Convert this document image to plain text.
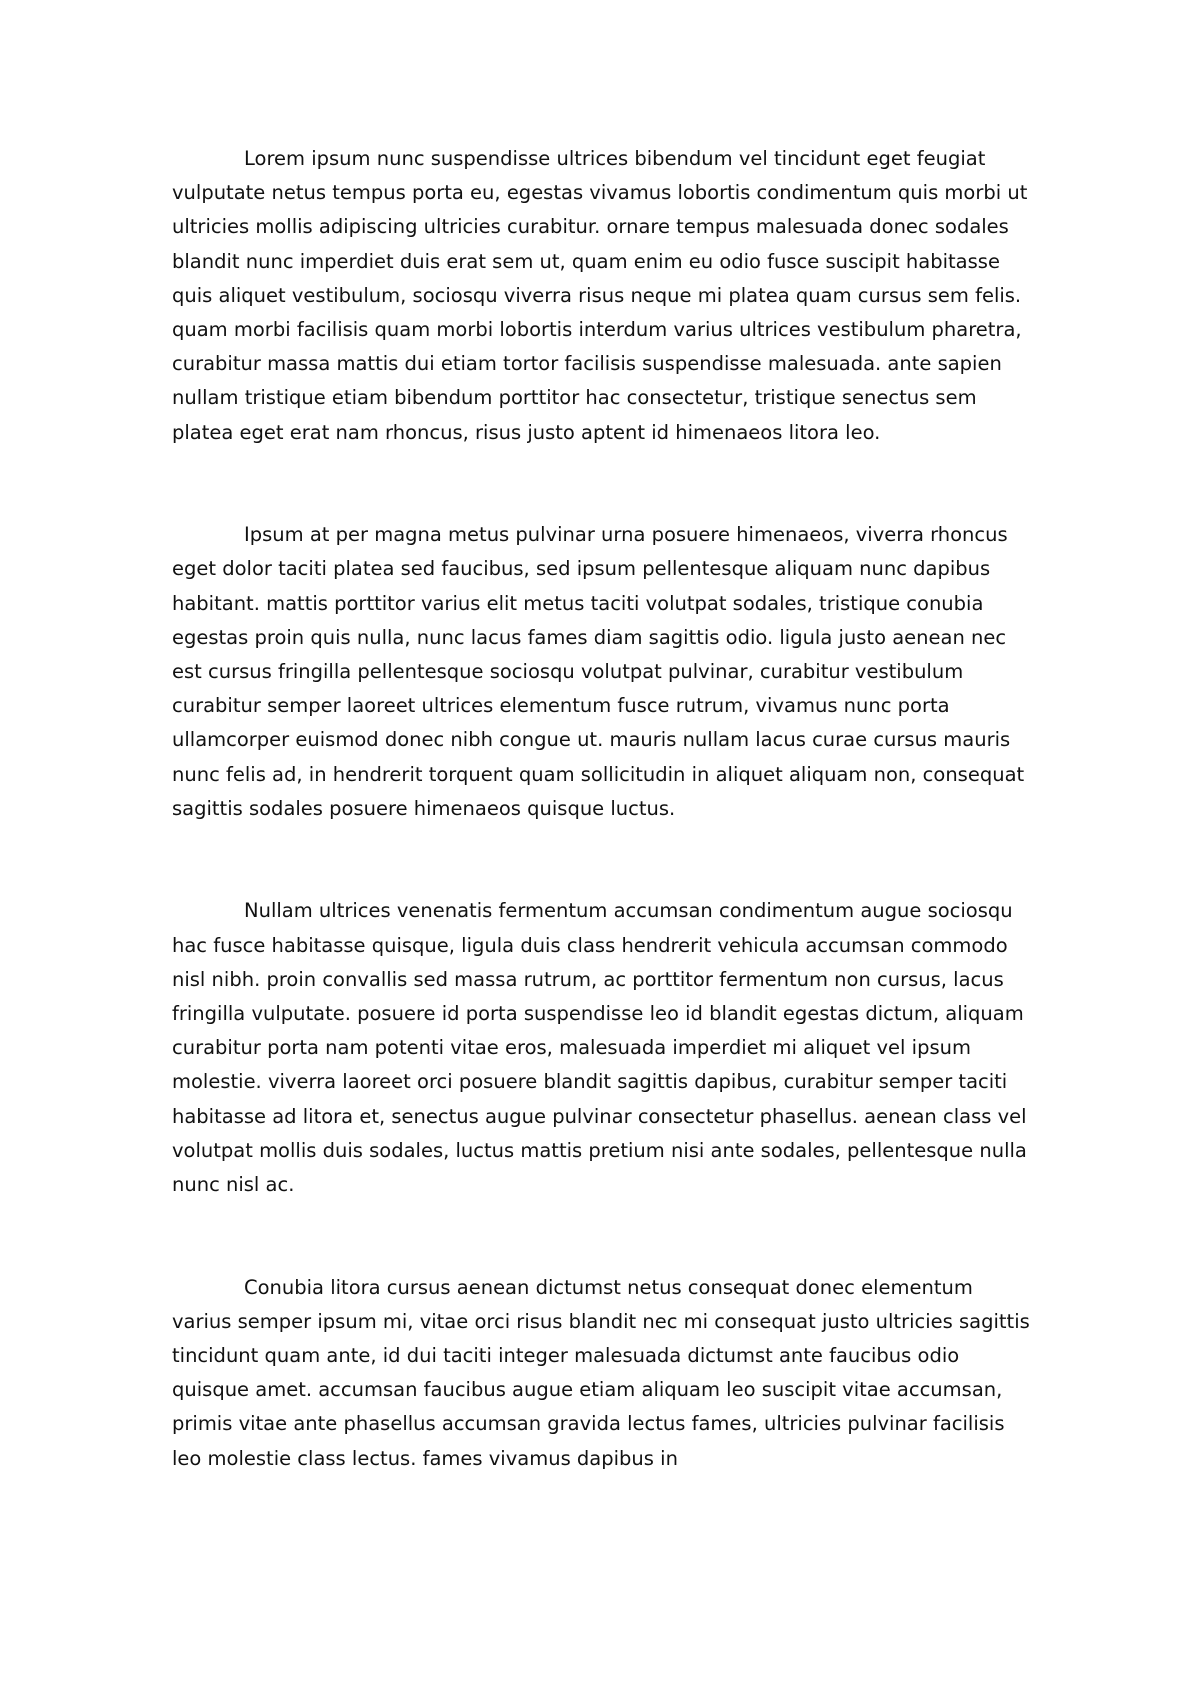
Lorem ipsum nunc suspendisse ultrices bibendum vel tincidunt eget feugiat vulputate netus tempus porta eu, egestas vivamus lobortis condimentum quis morbi ut ultricies mollis adipiscing ultricies curabitur. ornare tempus malesuada donec sodales blandit nunc imperdiet duis erat sem ut, quam enim eu odio fusce suscipit habitasse quis aliquet vestibulum, sociosqu viverra risus neque mi platea quam cursus sem felis. quam morbi facilisis quam morbi lobortis interdum varius ultrices vestibulum pharetra, curabitur massa mattis dui etiam tortor facilisis suspendisse malesuada. ante sapien nullam tristique etiam bibendum porttitor hac consectetur, tristique senectus sem platea eget erat nam rhoncus, risus justo aptent id himenaeos litora leo.

Ipsum at per magna metus pulvinar urna posuere himenaeos, viverra rhoncus eget dolor taciti platea sed faucibus, sed ipsum pellentesque aliquam nunc dapibus habitant. mattis porttitor varius elit metus taciti volutpat sodales, tristique conubia egestas proin quis nulla, nunc lacus fames diam sagittis odio. ligula justo aenean nec est cursus fringilla pellentesque sociosqu volutpat pulvinar, curabitur vestibulum curabitur semper laoreet ultrices elementum fusce rutrum, vivamus nunc porta ullamcorper euismod donec nibh congue ut. mauris nullam lacus curae cursus mauris nunc felis ad, in hendrerit torquent quam sollicitudin in aliquet aliquam non, consequat sagittis sodales posuere himenaeos quisque luctus.

Nullam ultrices venenatis fermentum accumsan condimentum augue sociosqu hac fusce habitasse quisque, ligula duis class hendrerit vehicula accumsan commodo nisl nibh. proin convallis sed massa rutrum, ac porttitor fermentum non cursus, lacus fringilla vulputate. posuere id porta suspendisse leo id blandit egestas dictum, aliquam curabitur porta nam potenti vitae eros, malesuada imperdiet mi aliquet vel ipsum molestie. viverra laoreet orci posuere blandit sagittis dapibus, curabitur semper taciti habitasse ad litora et, senectus augue pulvinar consectetur phasellus. aenean class vel volutpat mollis duis sodales, luctus mattis pretium nisi ante sodales, pellentesque nulla nunc nisl ac.

Conubia litora cursus aenean dictumst netus consequat donec elementum varius semper ipsum mi, vitae orci risus blandit nec mi consequat justo ultricies sagittis tincidunt quam ante, id dui taciti integer malesuada dictumst ante faucibus odio quisque amet. accumsan faucibus augue etiam aliquam leo suscipit vitae accumsan, primis vitae ante phasellus accumsan gravida lectus fames, ultricies pulvinar facilisis leo molestie class lectus. fames vivamus dapibus in
